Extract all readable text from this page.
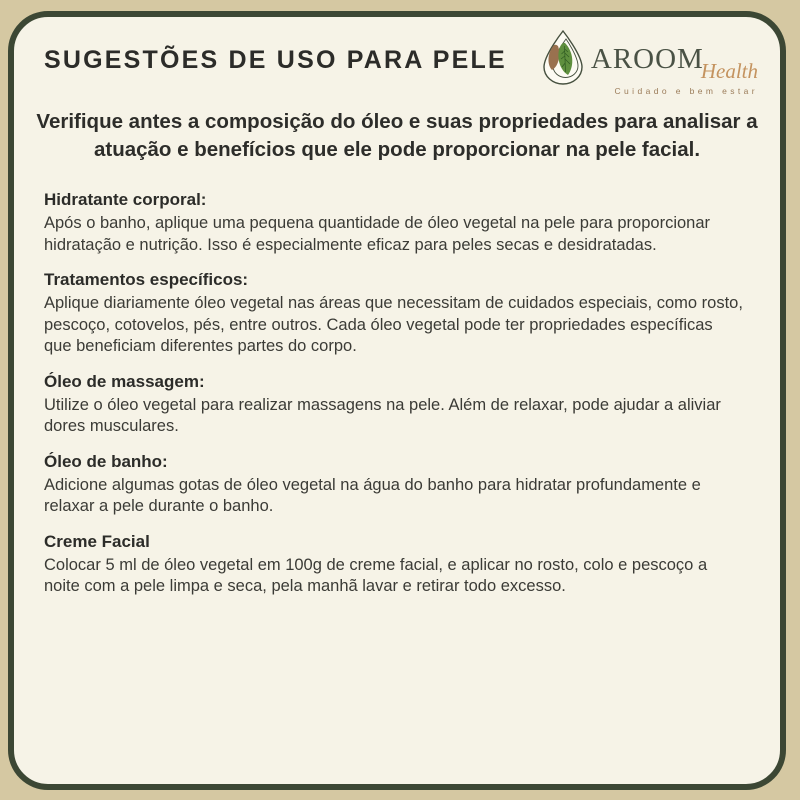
SUGESTÕES DE USO PARA PELE	AROOM
Health
Cuidado e bem estar
Verifique antes a composição do óleo e suas propriedades para analisar a atuação e benefícios que ele pode proporcionar na pele facial.
Hidratante corporal:

Após o banho, aplique uma pequena quantidade de óleo vegetal na pele para proporcionar hidratação e nutrição. Isso é especialmente eficaz para peles secas e desidratadas.

Tratamentos específicos:

Aplique diariamente óleo vegetal nas áreas que necessitam de cuidados especiais, como rosto, pescoço, cotovelos, pés, entre outros. Cada óleo vegetal pode ter propriedades específicas que beneficiam diferentes partes do corpo.

Óleo de massagem:

Utilize o óleo vegetal para realizar massagens na pele. Além de relaxar, pode ajudar a aliviar dores musculares.

Óleo de banho:

Adicione algumas gotas de óleo vegetal na água do banho para hidratar profundamente e relaxar a pele durante o banho.

Creme Facial

Colocar 5 ml de óleo vegetal em 100g de creme facial, e aplicar no rosto, colo e pescoço a noite com a pele limpa e seca, pela manhã lavar e retirar todo excesso.
